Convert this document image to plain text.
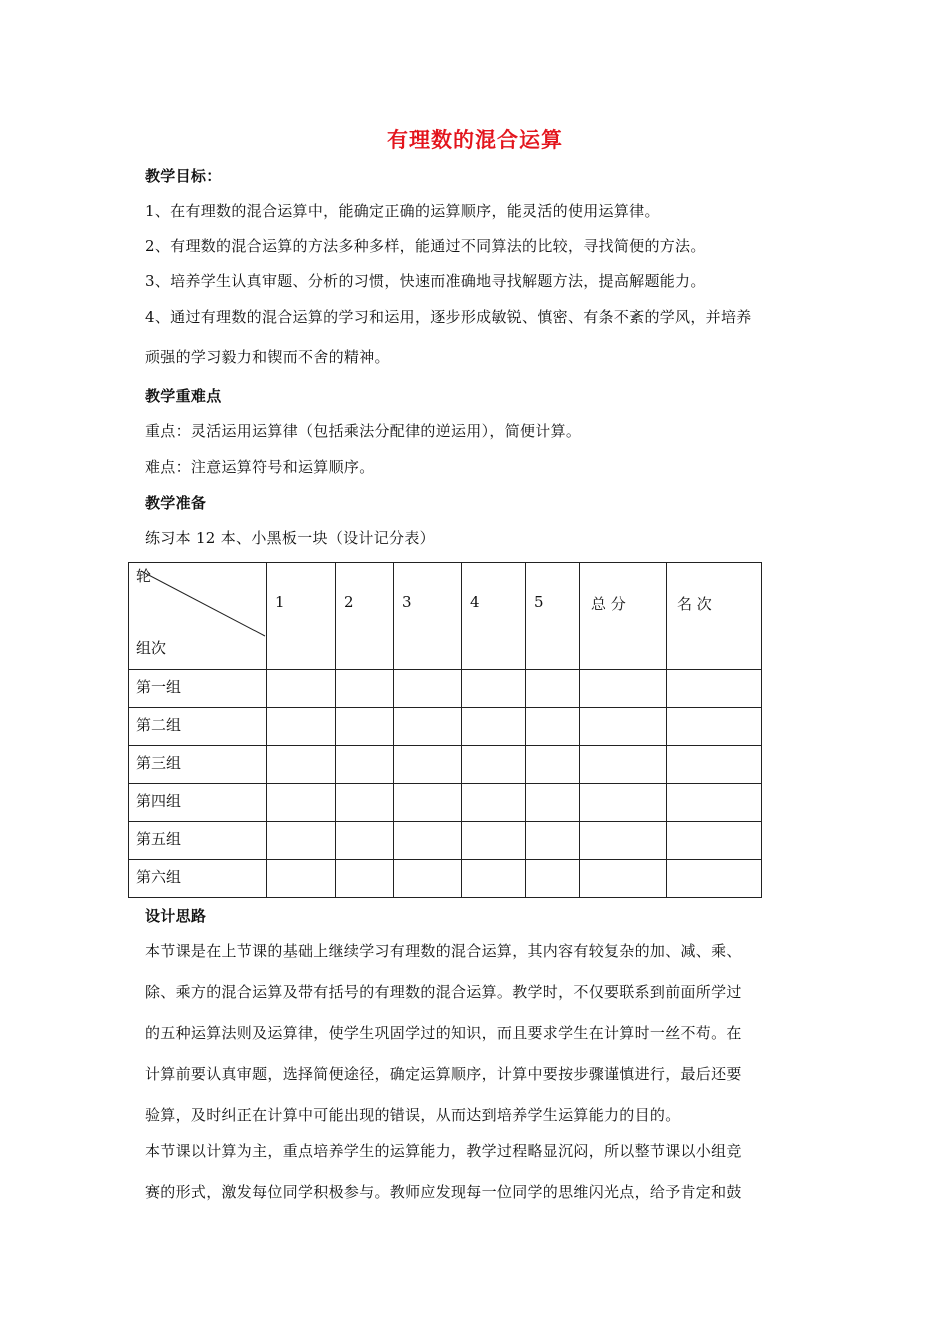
有理数的混合运算
教学目标：
1、在有理数的混合运算中，能确定正确的运算顺序，能灵活的使用运算律。
2、有理数的混合运算的方法多种多样，能通过不同算法的比较，寻找简便的方法。
3、培养学生认真审题、分析的习惯，快速而准确地寻找解题方法，提高解题能力。
4、通过有理数的混合运算的学习和运用，逐步形成敏锐、慎密、有条不紊的学风，并培养
顽强的学习毅力和锲而不舍的精神。
教学重难点
重点：灵活运用运算律（包括乘法分配律的逆运用），简便计算。
难点：注意运算符号和运算顺序。
教学准备
练习本 12 本、小黑板一块（设计记分表）
轮
组次	1	2	3	4	5	总 分	名 次

第一组							

第二组							

第三组							

第四组							

第五组							

第六组							

设计思路
本节课是在上节课的基础上继续学习有理数的混合运算，其内容有较复杂的加、减、乘、
除、乘方的混合运算及带有括号的有理数的混合运算。教学时，不仅要联系到前面所学过
的五种运算法则及运算律，使学生巩固学过的知识，而且要求学生在计算时一丝不苟。在
计算前要认真审题，选择简便途径，确定运算顺序，计算中要按步骤谨慎进行，最后还要
验算，及时纠正在计算中可能出现的错误，从而达到培养学生运算能力的目的。
本节课以计算为主，重点培养学生的运算能力，教学过程略显沉闷，所以整节课以小组竞
赛的形式，激发每位同学积极参与。教师应发现每一位同学的思维闪光点，给予肯定和鼓
